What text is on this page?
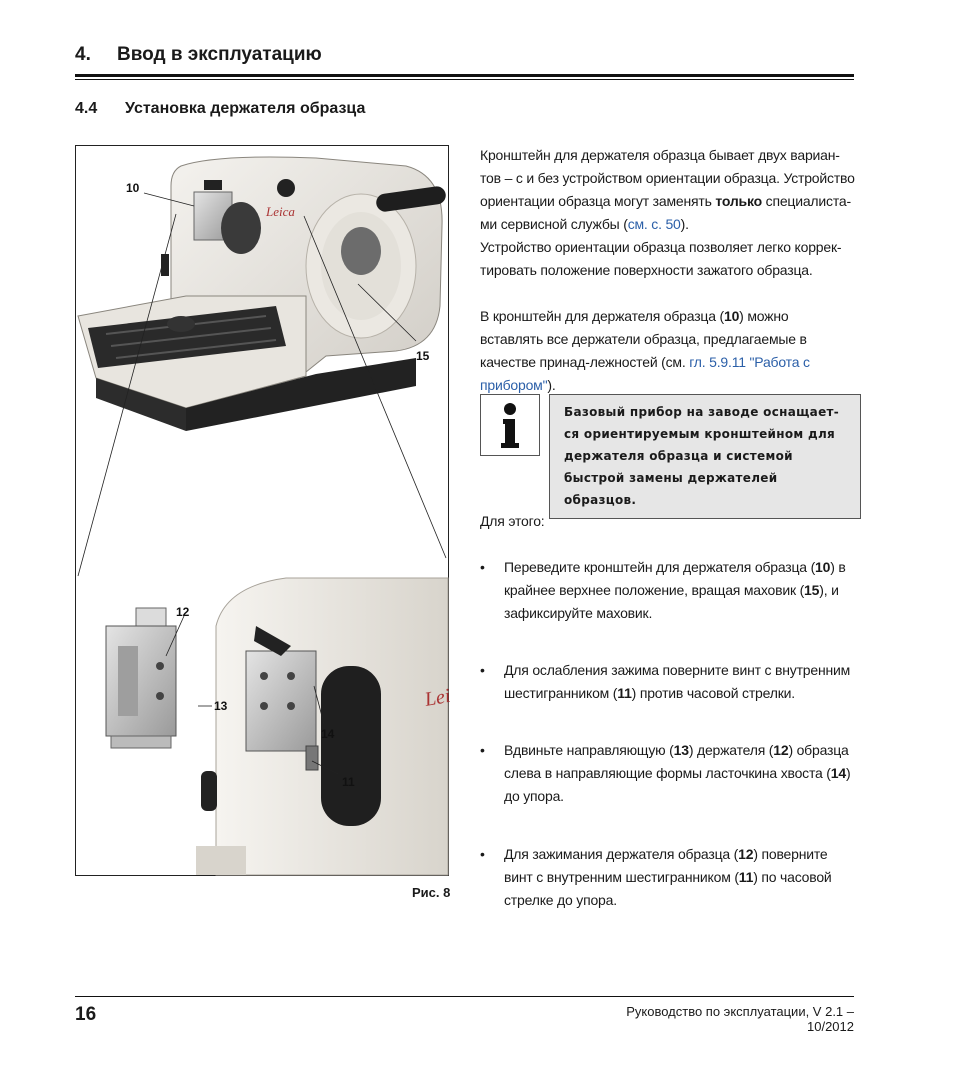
4. Ввод в эксплуатацию
4.4 Установка держателя образца
Leica
10
15
Lei
12
13
14
11
Рис. 8
Кронштейн для держателя образца бывает двух вариан-тов – с и без устройством ориентации образца. Устройство ориентации образца могут заменять только специалиста-ми сервисной службы (см. с. 50).
Устройство ориентации образца позволяет легко коррек-тировать положение поверхности зажатого образца.
В кронштейн для держателя образца (10) можно вставлять все держатели образца, предлагаемые в качестве принад-лежностей (см. гл. 5.9.11 "Работа с прибором").
Базовый прибор на заводе оснащает-ся ориентируемым кронштейном для держателя образца и системой быстрой замены держателей образцов.
Для этого:
• Переведите кронштейн для держателя образца (10) в крайнее верхнее положение, вращая маховик (15), и зафиксируйте маховик.
• Для ослабления зажима поверните винт с внутренним шестигранником (11) против часовой стрелки.
• Вдвиньте направляющую (13) держателя (12) образца слева в направляющие формы ласточкина хвоста (14) до упора.
• Для зажимания держателя образца (12) поверните винт с внутренним шестигранником (11) по часовой стрелке до упора.
16	Руководство по эксплуатации, V 2.1 – 10/2012
